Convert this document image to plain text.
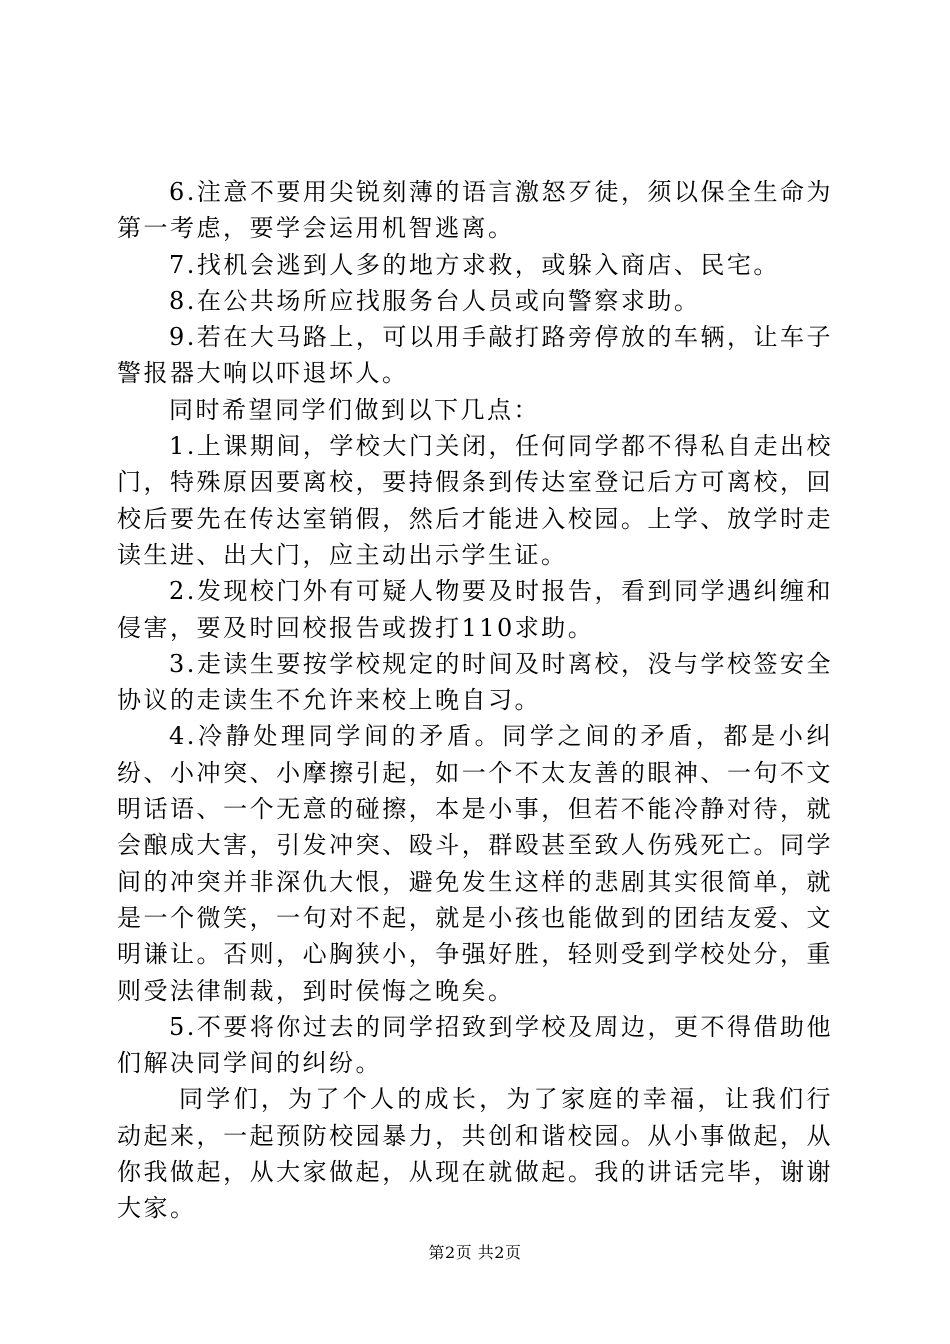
6.注意不要用尖锐刻薄的语言激怒歹徒，须以保全生命为第一考虑，要学会运用机智逃离。

7.找机会逃到人多的地方求救，或躲入商店、民宅。

8.在公共场所应找服务台人员或向警察求助。

9.若在大马路上，可以用手敲打路旁停放的车辆，让车子警报器大响以吓退坏人。

同时希望同学们做到以下几点：

1.上课期间，学校大门关闭，任何同学都不得私自走出校门，特殊原因要离校，要持假条到传达室登记后方可离校，回校后要先在传达室销假，然后才能进入校园。上学、放学时走读生进、出大门，应主动出示学生证。

2.发现校门外有可疑人物要及时报告，看到同学遇纠缠和侵害，要及时回校报告或拨打110求助。

3.走读生要按学校规定的时间及时离校，没与学校签安全协议的走读生不允许来校上晚自习。

4.冷静处理同学间的矛盾。同学之间的矛盾，都是小纠纷、小冲突、小摩擦引起，如一个不太友善的眼神、一句不文明话语、一个无意的碰擦，本是小事，但若不能冷静对待，就会酿成大害，引发冲突、殴斗，群殴甚至致人伤残死亡。同学间的冲突并非深仇大恨，避免发生这样的悲剧其实很简单，就是一个微笑，一句对不起，就是小孩也能做到的团结友爱、文明谦让。否则，心胸狭小，争强好胜，轻则受到学校处分，重则受法律制裁，到时侯悔之晚矣。

5.不要将你过去的同学招致到学校及周边，更不得借助他们解决同学间的纠纷。

同学们，为了个人的成长，为了家庭的幸福，让我们行动起来，一起预防校园暴力，共创和谐校园。从小事做起，从你我做起，从大家做起，从现在就做起。我的讲话完毕，谢谢大家。

第2页 共2页
